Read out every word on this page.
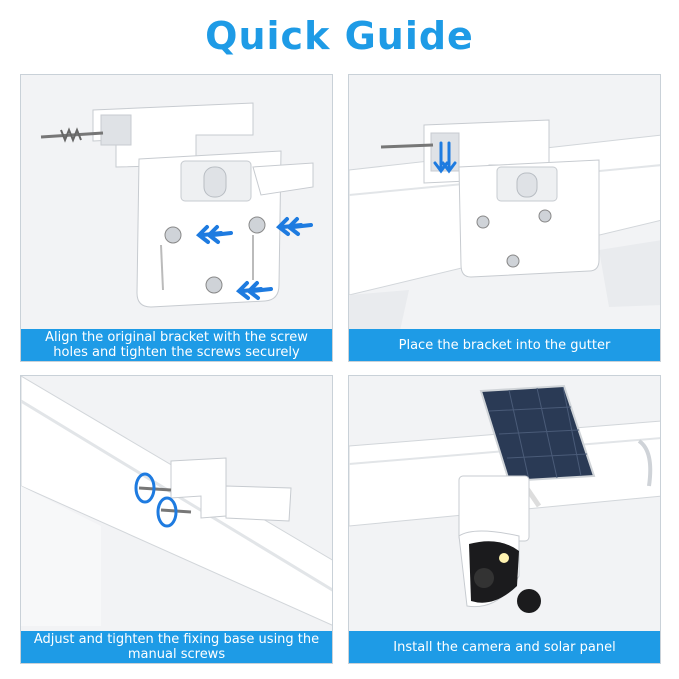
Quick Guide
Align the original bracket with the screw holes and tighten the screws securely	Place the bracket into the gutter
Adjust and tighten the fixing base using the manual screws	Install the camera and solar panel
